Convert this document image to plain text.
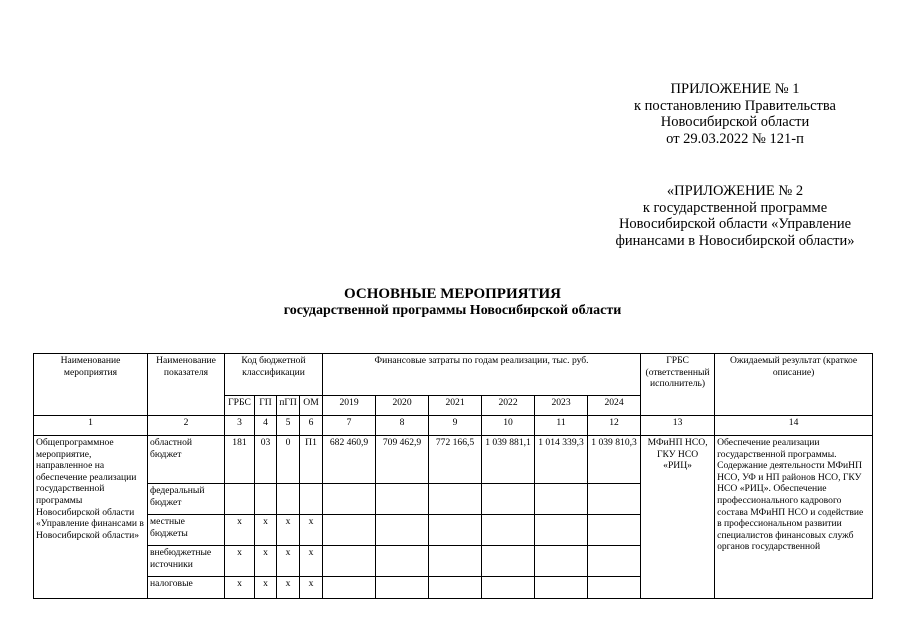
ПРИЛОЖЕНИЕ № 1
к постановлению Правительства
Новосибирской области
от 29.03.2022 № 121-п
«ПРИЛОЖЕНИЕ № 2
к государственной программе
Новосибирской области «Управление
финансами в Новосибирской области»
ОСНОВНЫЕ МЕРОПРИЯТИЯ
государственной программы Новосибирской области
Наименование мероприятия	Наименование показателя	Код бюджетной классификации				Финансовые затраты по годам реализации, тыс. руб.						ГРБС (ответственный исполнитель)	Ожидаемый результат (краткое описание)
		ГРБС	ГП	пГП	ОМ	2019	2020	2021	2022	2023	2024		
1	2	3	4	5	6	7	8	9	10	11	12	13	14
Общепрограммное мероприятие, направленное на обеспечение реализации государственной программы Новосибирской области «Управление финансами в Новосибирской области»	областной бюджет	181	03	0	П1	682 460,9	709 462,9	772 166,5	1 039 881,1	1 014 339,3	1 039 810,3	МФиНП НСО, ГКУ НСО «РИЦ»	Обеспечение реализации государственной программы. Содержание деятельности МФиНП НСО, УФ и НП районов НСО, ГКУ НСО «РИЦ». Обеспечение профессионального кадрового состава МФиНП НСО и содействие в профессиональном развитии специалистов финансовых служб органов государственной
	федеральный бюджет												
	местные бюджеты	х	х	х	х								
	внебюджетные источники	х	х	х	х								
	налоговые	х	х	х	х								
